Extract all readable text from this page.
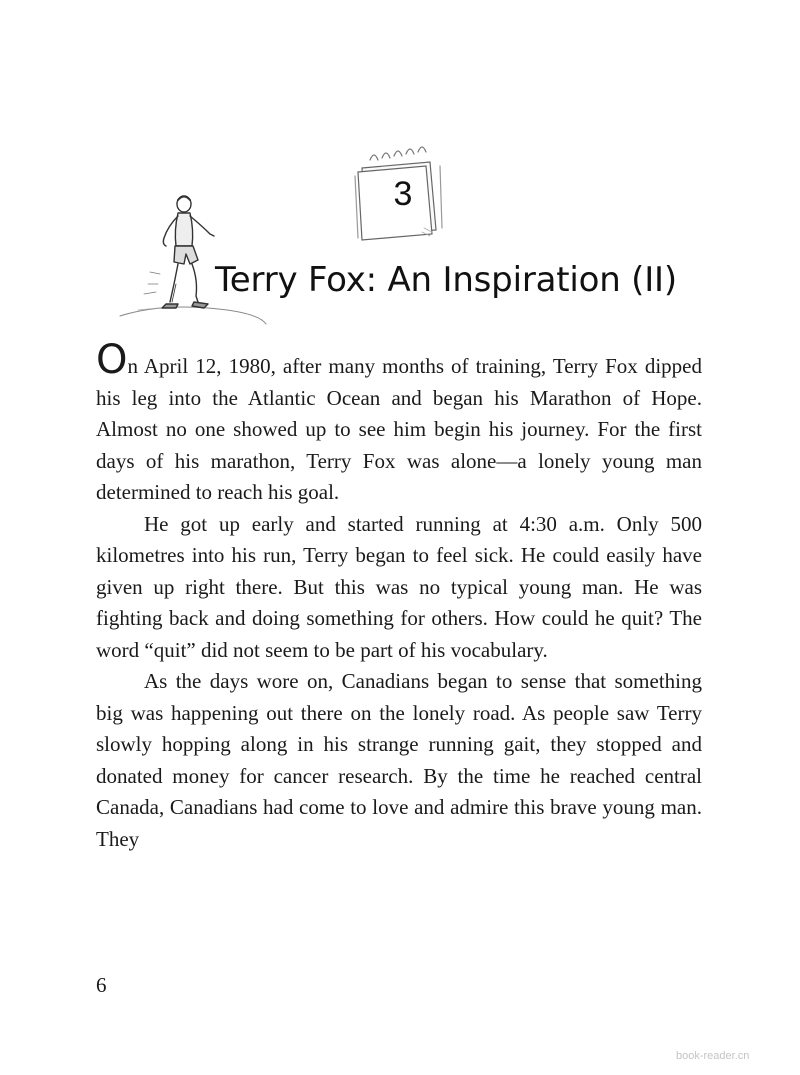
3
Terry Fox: An Inspiration (II)

On April 12, 1980, after many months of training, Terry Fox dipped his leg into the Atlantic Ocean and began his Marathon of Hope. Almost no one showed up to see him begin his journey. For the first days of his marathon, Terry Fox was alone—a lonely young man determined to reach his goal.

He got up early and started running at 4:30 a.m. Only 500 kilometres into his run, Terry began to feel sick. He could easily have given up right there. But this was no typical young man. He was fighting back and doing something for others. How could he quit? The word “quit” did not seem to be part of his vocabulary.

As the days wore on, Canadians began to sense that something big was happening out there on the lonely road. As people saw Terry slowly hopping along in his strange running gait, they stopped and donated money for cancer research. By the time he reached central Canada, Canadians had come to love and admire this brave young man. They

6
book-reader.cn
